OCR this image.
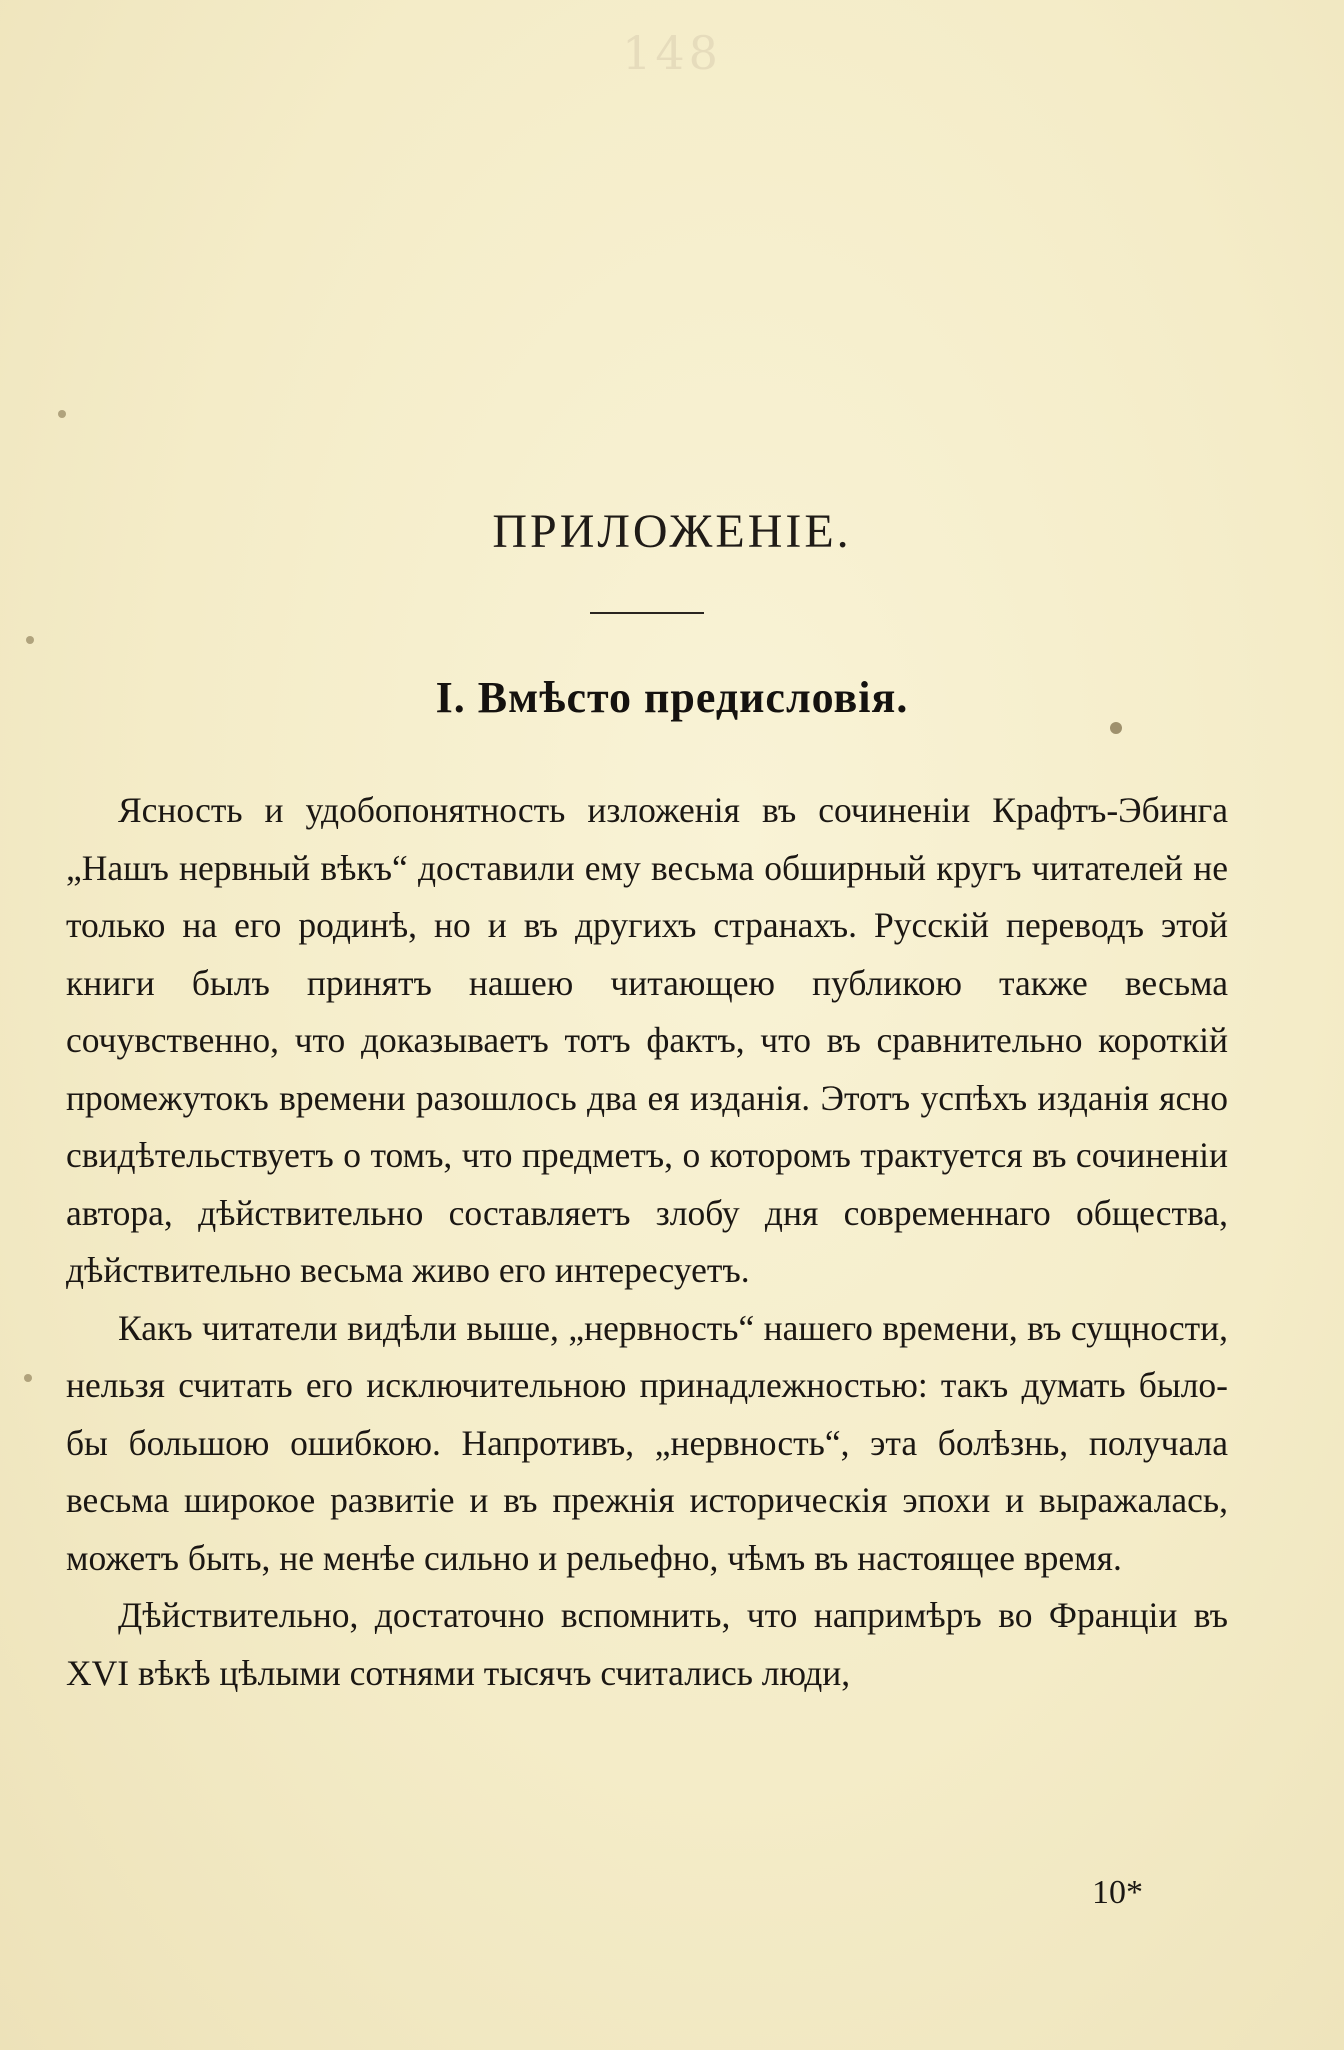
148
ПРИЛОЖЕНІЕ.
І. Вмѣсто предисловія.

Ясность и удобопонятность изложенія въ сочиненіи Крафтъ-Эбинга „Нашъ нервный вѣкъ“ доставили ему весьма обширный кругъ читателей не только на его родинѣ, но и въ другихъ странахъ. Русскій переводъ этой книги былъ принятъ нашею читающею публикою также весьма сочувственно, что доказываетъ тотъ фактъ, что въ сравнительно короткій промежутокъ времени разошлось два ея изданія. Этотъ успѣхъ изданія ясно свидѣтельствуетъ о томъ, что предметъ, о которомъ трактуется въ сочиненіи автора, дѣйствительно составляетъ злобу дня современнаго общества, дѣйствительно весьма живо его интересуетъ.

Какъ читатели видѣли выше, „нервность“ нашего времени, въ сущности, нельзя считать его исключительною принадлежностью: такъ думать было-бы большою ошибкою. Напротивъ, „нервность“, эта болѣзнь, получала весьма широкое развитіе и въ прежнія историческія эпохи и выражалась, можетъ быть, не менѣе сильно и рельефно, чѣмъ въ настоящее время.

Дѣйствительно, достаточно вспомнить, что напримѣръ во Франціи въ XVI вѣкѣ цѣлыми сотнями тысячъ считались люди,

10*
